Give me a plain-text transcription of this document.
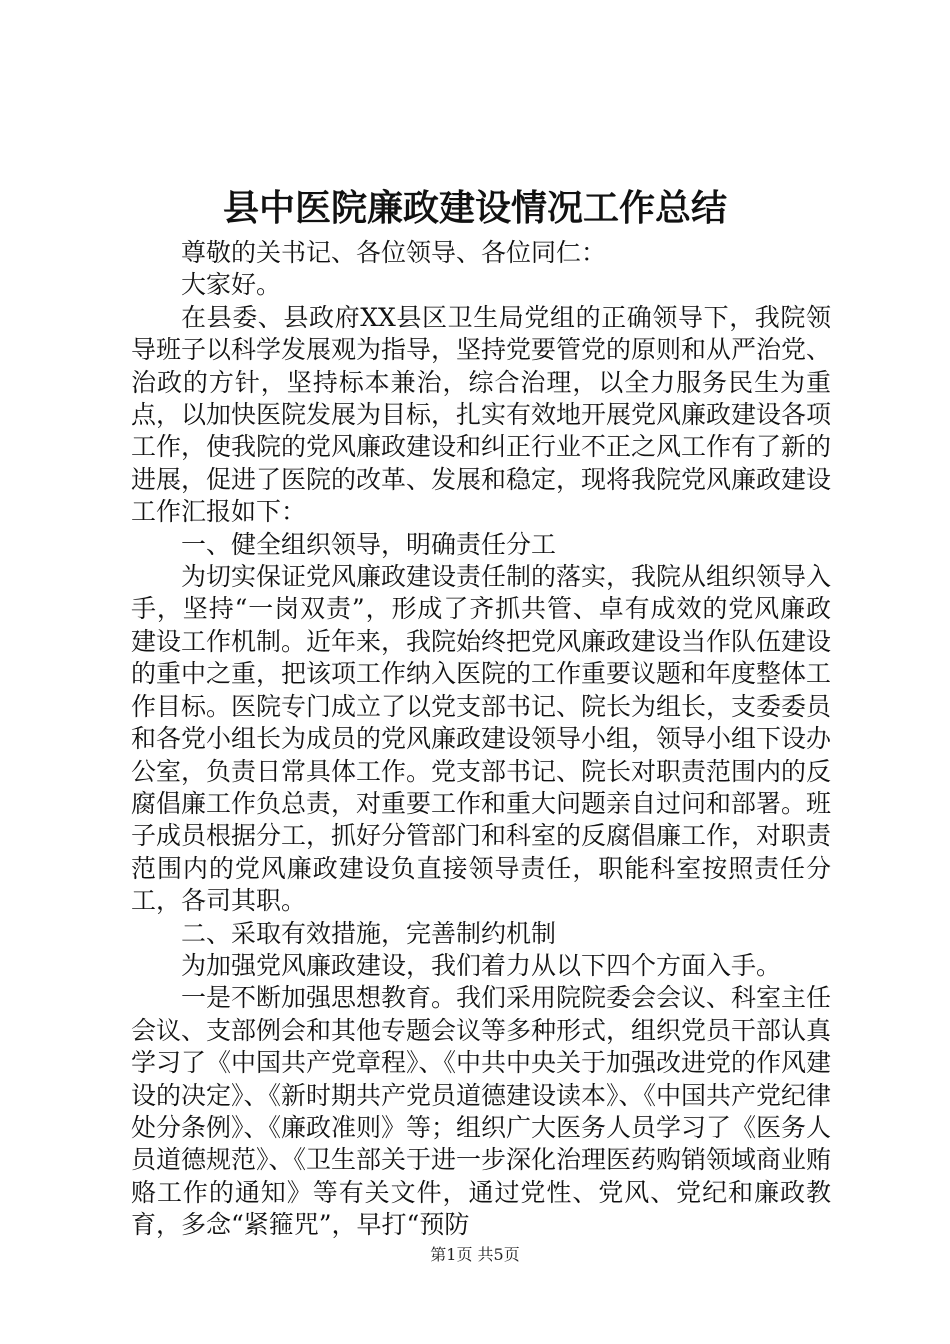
县中医院廉政建设情况工作总结

尊敬的关书记、各位领导、各位同仁：

大家好。

在县委、县政府XX县区卫生局党组的正确领导下，我院领导班子以科学发展观为指导，坚持党要管党的原则和从严治党、治政的方针，坚持标本兼治，综合治理，以全力服务民生为重点，以加快医院发展为目标，扎实有效地开展党风廉政建设各项工作，使我院的党风廉政建设和纠正行业不正之风工作有了新的进展，促进了医院的改革、发展和稳定，现将我院党风廉政建设工作汇报如下：

一、健全组织领导，明确责任分工

为切实保证党风廉政建设责任制的落实，我院从组织领导入手，坚持“一岗双责”，形成了齐抓共管、卓有成效的党风廉政建设工作机制。近年来，我院始终把党风廉政建设当作队伍建设的重中之重，把该项工作纳入医院的工作重要议题和年度整体工作目标。医院专门成立了以党支部书记、院长为组长，支委委员和各党小组长为成员的党风廉政建设领导小组，领导小组下设办公室，负责日常具体工作。党支部书记、院长对职责范围内的反腐倡廉工作负总责，对重要工作和重大问题亲自过问和部署。班子成员根据分工，抓好分管部门和科室的反腐倡廉工作，对职责范围内的党风廉政建设负直接领导责任，职能科室按照责任分工，各司其职。

二、采取有效措施，完善制约机制

为加强党风廉政建设，我们着力从以下四个方面入手。

一是不断加强思想教育。我们采用院院委会会议、科室主任会议、支部例会和其他专题会议等多种形式，组织党员干部认真学习了《中国共产党章程》、《中共中央关于加强改进党的作风建设的决定》、《新时期共产党员道德建设读本》、《中国共产党纪律处分条例》、《廉政准则》等；组织广大医务人员学习了《医务人员道德规范》、《卫生部关于进一步深化治理医药购销领域商业贿赂工作的通知》等有关文件，通过党性、党风、党纪和廉政教育，多念“紧箍咒”，早打“预防

第1页 共5页
